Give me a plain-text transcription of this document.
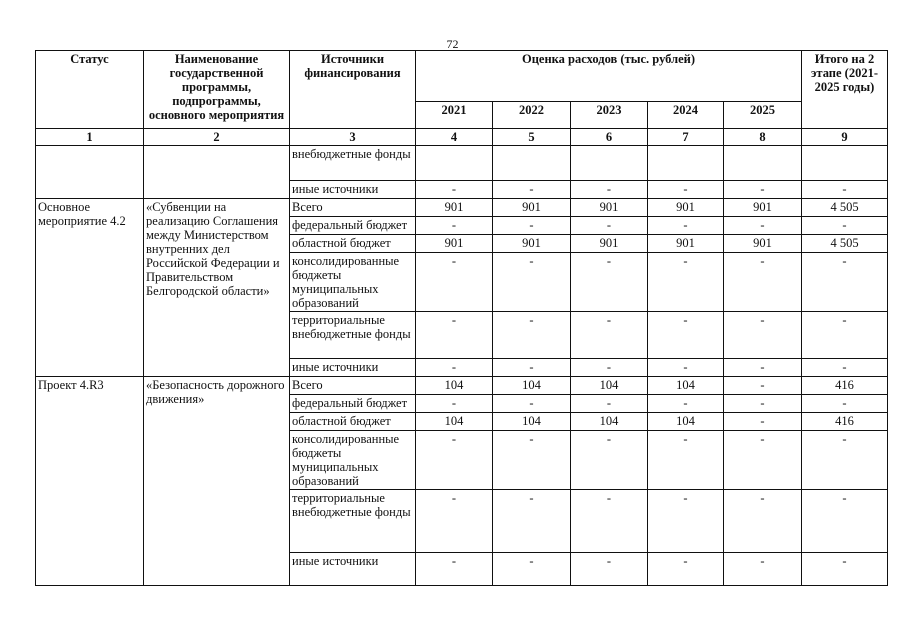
72
Статус	Наименование государственной программы, подпрограммы, основного мероприятия	Источники финансирования	Оценка расходов (тыс. рублей)					Итого на 2 этапе (2021-2025 годы)
			2021	2022	2023	2024	2025	
1	2	3	4	5	6	7	8	9
		внебюджетные фонды						
		иные источники	-	-	-	-	-	-
Основное мероприятие 4.2	«Субвенции на реализацию Соглашения между Министерством внутренних дел Российской Федерации и Правительством Белгородской области»	Всего	901	901	901	901	901	4 505
		федеральный бюджет	-	-	-	-	-	-
		областной бюджет	901	901	901	901	901	4 505
		консолидированные бюджеты муниципальных образований	-	-	-	-	-	-
		территориальные внебюджетные фонды	-	-	-	-	-	-
		иные источники	-	-	-	-	-	-
Проект 4.R3	«Безопасность дорожного движения»	Всего	104	104	104	104	-	416
		федеральный бюджет	-	-	-	-	-	-
		областной бюджет	104	104	104	104	-	416
		консолидированные бюджеты муниципальных образований	-	-	-	-	-	-
		территориальные внебюджетные фонды	-	-	-	-	-	-
		иные источники	-	-	-	-	-	-
